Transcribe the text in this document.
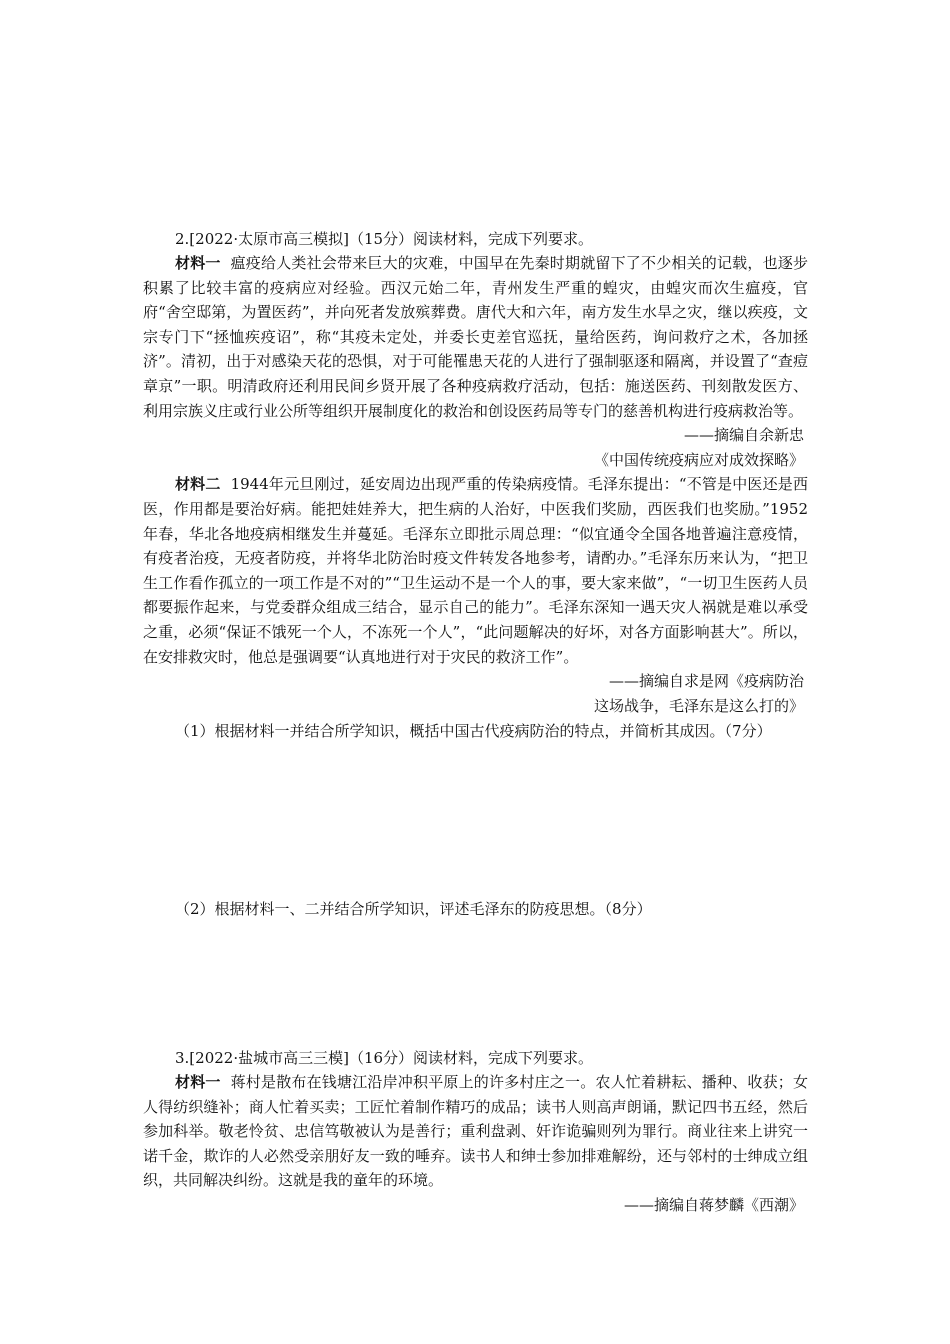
2.[2022·太原市高三模拟]（15分）阅读材料，完成下列要求。

材料一 瘟疫给人类社会带来巨大的灾难，中国早在先秦时期就留下了不少相关的记载，也逐步积累了比较丰富的疫病应对经验。西汉元始二年，青州发生严重的蝗灾，由蝗灾而次生瘟疫，官府“舍空邸第，为置医药”，并向死者发放殡葬费。唐代大和六年，南方发生水旱之灾，继以疾疫，文宗专门下“拯恤疾疫诏”，称“其疫未定处，并委长吏差官巡抚，量给医药，询问救疗之术，各加拯济”。清初，出于对感染天花的恐惧，对于可能罹患天花的人进行了强制驱逐和隔离，并设置了“查痘章京”一职。明清政府还利用民间乡贤开展了各种疫病救疗活动，包括：施送医药、刊刻散发医方、利用宗族义庄或行业公所等组织开展制度化的救治和创设医药局等专门的慈善机构进行疫病救治等。

——摘编自余新忠

《中国传统疫病应对成效探略》

材料二 1944年元旦刚过，延安周边出现严重的传染病疫情。毛泽东提出：“不管是中医还是西医，作用都是要治好病。能把娃娃养大，把生病的人治好，中医我们奖励，西医我们也奖励。”1952年春，华北各地疫病相继发生并蔓延。毛泽东立即批示周总理：“似宜通令全国各地普遍注意疫情，有疫者治疫，无疫者防疫，并将华北防治时疫文件转发各地参考，请酌办。”毛泽东历来认为，“把卫生工作看作孤立的一项工作是不对的”“卫生运动不是一个人的事，要大家来做”，“一切卫生医药人员都要振作起来，与党委群众组成三结合，显示自己的能力”。毛泽东深知一遇天灾人祸就是难以承受之重，必须“保证不饿死一个人，不冻死一个人”，“此问题解决的好坏，对各方面影响甚大”。所以，在安排救灾时，他总是强调要“认真地进行对于灾民的救济工作”。

——摘编自求是网《疫病防治

这场战争，毛泽东是这么打的》

（1）根据材料一并结合所学知识，概括中国古代疫病防治的特点，并简析其成因。（7分）

（2）根据材料一、二并结合所学知识，评述毛泽东的防疫思想。（8分）

3.[2022·盐城市高三三模]（16分）阅读材料，完成下列要求。

材料一 蒋村是散布在钱塘江沿岸冲积平原上的许多村庄之一。农人忙着耕耘、播种、收获；女人得纺织缝补；商人忙着买卖；工匠忙着制作精巧的成品；读书人则高声朗诵，默记四书五经，然后参加科举。敬老怜贫、忠信笃敬被认为是善行；重利盘剥、奸诈诡骗则列为罪行。商业往来上讲究一诺千金，欺诈的人必然受亲朋好友一致的唾弃。读书人和绅士参加排难解纷，还与邻村的士绅成立组织，共同解决纠纷。这就是我的童年的环境。

——摘编自蒋梦麟《西潮》
